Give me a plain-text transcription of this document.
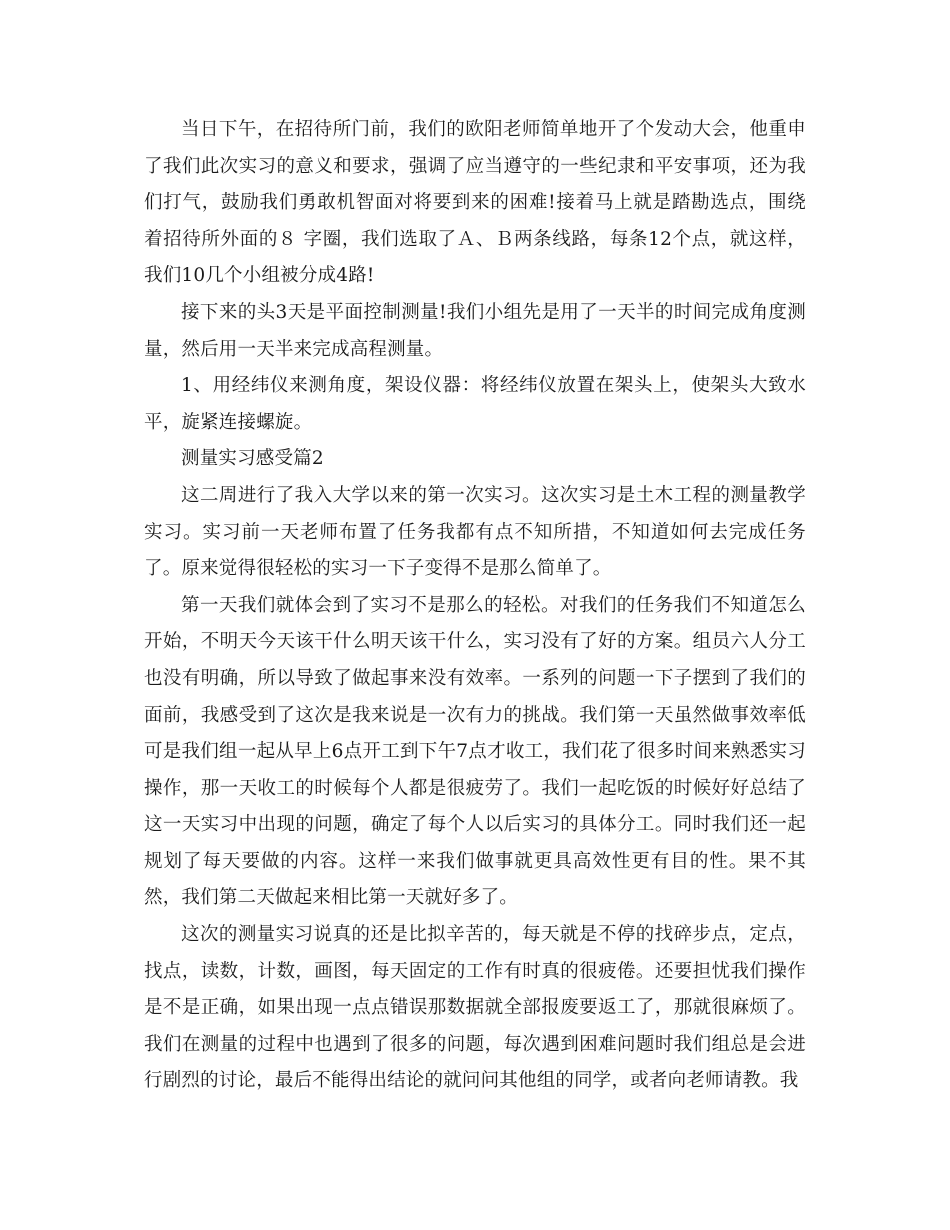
当日下午，在招待所门前，我们的欧阳老师简单地开了个发动大会，他重申了我们此次实习的意义和要求，强调了应当遵守的一些纪隶和平安事项，还为我们打气，鼓励我们勇敢机智面对将要到来的困难!接着马上就是踏勘选点，围绕着招待所外面的８ 字圈，我们选取了Ａ、Ｂ两条线路，每条12个点，就这样，我们10几个小组被分成4路!

接下来的头3天是平面控制测量!我们小组先是用了一天半的时间完成角度测量，然后用一天半来完成高程测量。

1、用经纬仪来测角度，架设仪器：将经纬仪放置在架头上，使架头大致水平，旋紧连接螺旋。

测量实习感受篇2

这二周进行了我入大学以来的第一次实习。这次实习是土木工程的测量教学实习。实习前一天老师布置了任务我都有点不知所措，不知道如何去完成任务了。原来觉得很轻松的实习一下子变得不是那么简单了。

第一天我们就体会到了实习不是那么的轻松。对我们的任务我们不知道怎么开始，不明天今天该干什么明天该干什么，实习没有了好的方案。组员六人分工也没有明确，所以导致了做起事来没有效率。一系列的问题一下子摆到了我们的面前，我感受到了这次是我来说是一次有力的挑战。我们第一天虽然做事效率低可是我们组一起从早上6点开工到下午7点才收工，我们花了很多时间来熟悉实习操作，那一天收工的时候每个人都是很疲劳了。我们一起吃饭的时候好好总结了这一天实习中出现的问题，确定了每个人以后实习的具体分工。同时我们还一起规划了每天要做的内容。这样一来我们做事就更具高效性更有目的性。果不其然，我们第二天做起来相比第一天就好多了。

这次的测量实习说真的还是比拟辛苦的，每天就是不停的找碎步点，定点，找点，读数，计数，画图，每天固定的工作有时真的很疲倦。还要担忧我们操作是不是正确，如果出现一点点错误那数据就全部报废要返工了，那就很麻烦了。我们在测量的过程中也遇到了很多的问题，每次遇到困难问题时我们组总是会进行剧烈的讨论，最后不能得出结论的就问问其他组的同学，或者向老师请教。我
